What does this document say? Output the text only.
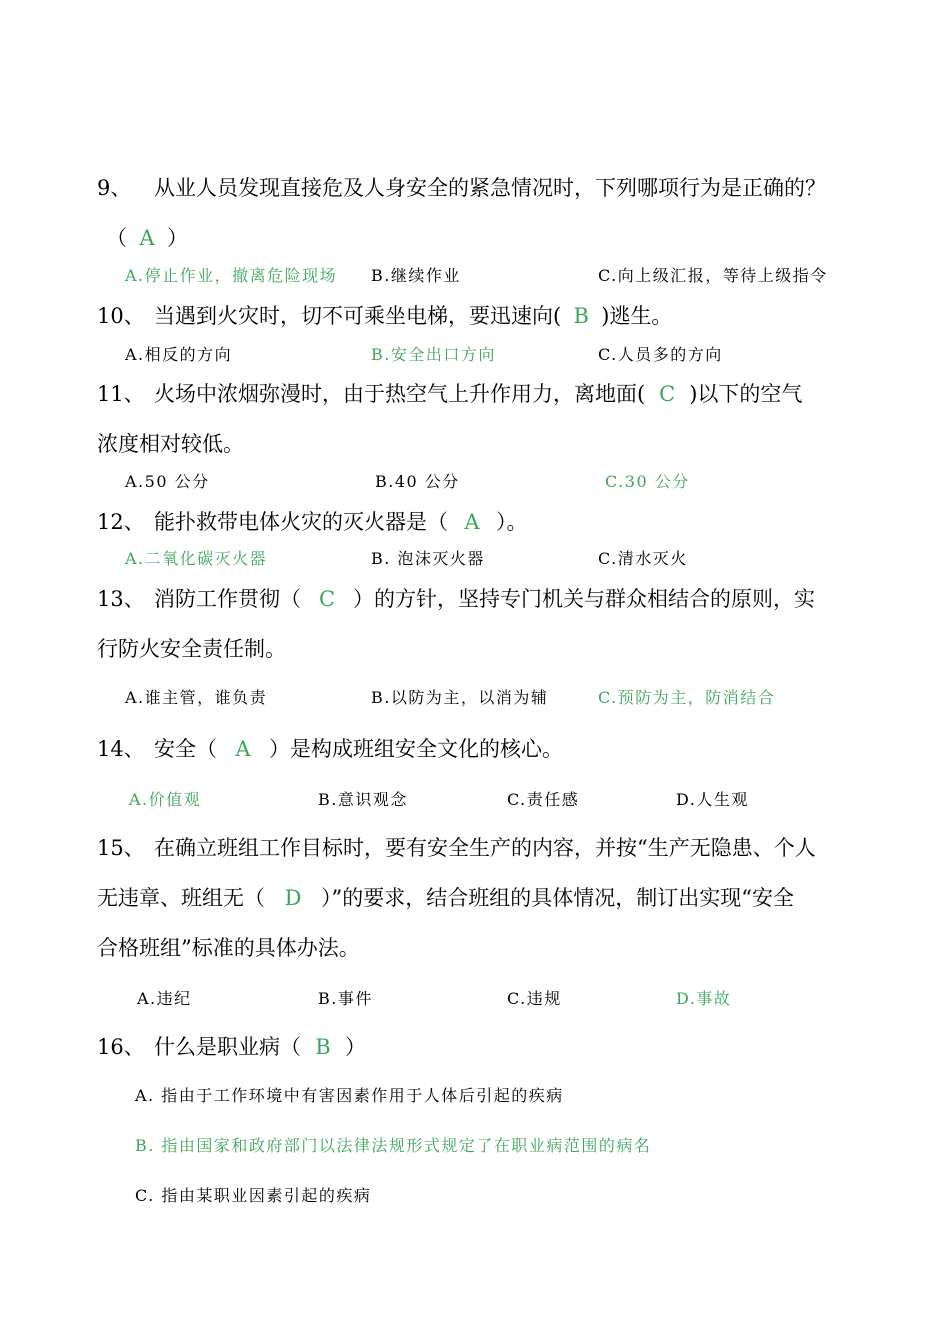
9、 从业人员发现直接危及人身安全的紧急情况时，下列哪项行为是正确的？
（ A ）
A.停止作业，撤离危险现场 B.继续作业	C.向上级汇报，等待上级指令
10、 当遇到火灾时，切不可乘坐电梯，要迅速向( B )逃生。
A.相反的方向	B.安全出口方向	C.人员多的方向
11、 火场中浓烟弥漫时，由于热空气上升作用力，离地面( C )以下的空气
浓度相对较低。
A.50 公分	B.40 公分	C.30 公分
12、 能扑救带电体火灾的灭火器是（ A ）。
A.二氧化碳灭火器	B. 泡沫灭火器	C.清水灭火
13、 消防工作贯彻（ C ）的方针，坚持专门机关与群众相结合的原则，实
行防火安全责任制。
A.谁主管，谁负责	B.以防为主，以消为辅	C.预防为主，防消结合
14、 安全（ A ）是构成班组安全文化的核心。
A.价值观	B.意识观念	C.责任感	D.人生观
15、 在确立班组工作目标时，要有安全生产的内容，并按“生产无隐患、个人
无违章、班组无（ D ）”的要求，结合班组的具体情况，制订出实现“安全
合格班组”标准的具体办法。
A.违纪	B.事件	C.违规	D.事故
16、 什么是职业病（ B ）
A. 指由于工作环境中有害因素作用于人体后引起的疾病
B. 指由国家和政府部门以法律法规形式规定了在职业病范围的病名
C. 指由某职业因素引起的疾病
